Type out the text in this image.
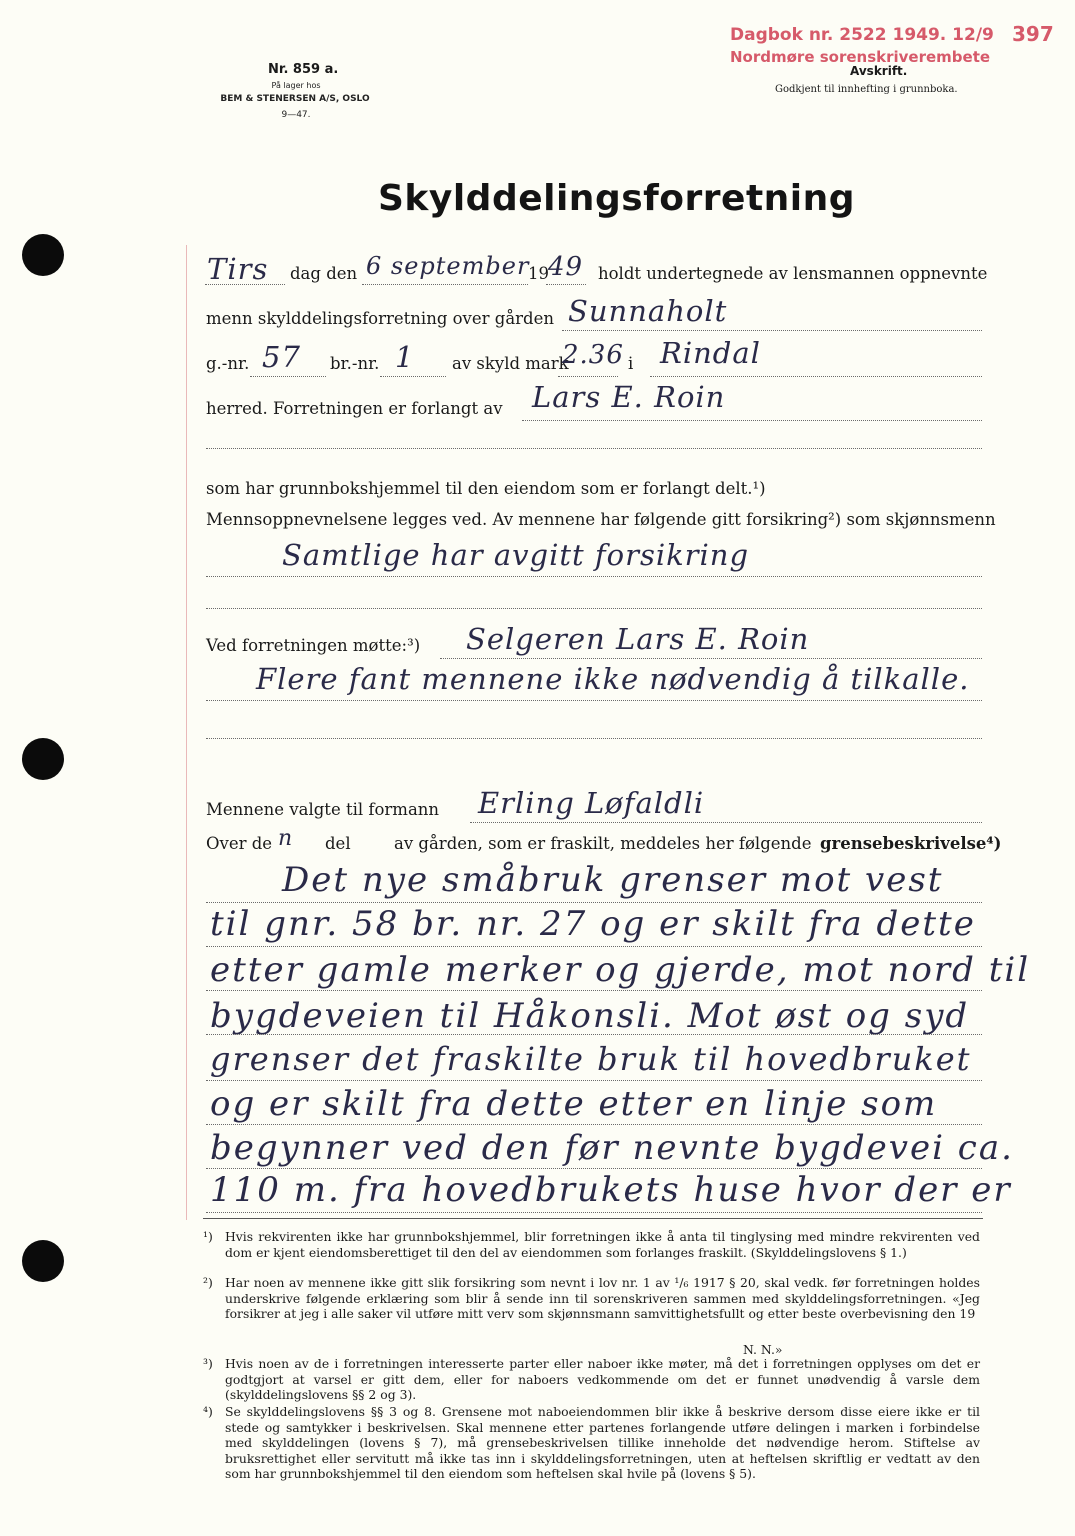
Nr. 859 a.
På lager hos
BEM & STENERSEN A/S, OSLO
9—47.
Dagbok nr. 2522 1949. 12/9
Nordmøre sorenskriverembete
397
Avskrift.
Godkjent til innhefting i grunnboka.
Skylddelingsforretning
Tirs dag den 6 september
19 49 holdt undertegnede av lensmannen oppnevnte
menn skylddelingsforretning over gården Sunnaholt
g.-nr. 57 br.-nr. 1 av skyld mark
2.36 i Rindal
herred. Forretningen er forlangt av Lars E. Roin
som har grunnbokshjemmel til den eiendom som er forlangt delt.¹)
Mennsoppnevnelsene legges ved. Av mennene har følgende gitt forsikring²) som skjønnsmenn
Samtlige har avgitt forsikring
Ved forretningen møtte:³) Selgeren Lars E. Roin
Flere fant mennene ikke nødvendig å tilkalle.
Mennene valgte til formann Erling Løfaldli
Over de n del	av gården, som er fraskilt, meddeles her følgende grensebeskrivelse⁴)
Det nye småbruk grenser mot vest
til gnr. 58 br. nr. 27 og er skilt fra dette
etter gamle merker og gjerde, mot nord til
bygdeveien til Håkonsli. Mot øst og syd
grenser det fraskilte bruk til hovedbruket
og er skilt fra dette etter en linje som
begynner ved den før nevnte bygdevei ca.
110 m. fra hovedbrukets huse hvor der er
¹) Hvis rekvirenten ikke har grunnbokshjemmel, blir forretningen ikke å anta til tinglysing med mindre rekvirenten ved dom er kjent eiendomsberettiget til den del av eiendommen som forlanges fraskilt. (Skylddelingslovens § 1.)
²) Har noen av mennene ikke gitt slik forsikring som nevnt i lov nr. 1 av ¹/₆ 1917 § 20, skal vedk. før forretningen holdes underskrive følgende erklæring som blir å sende inn til sorenskriveren sammen med skylddelingsforretningen. «Jeg forsikrer at jeg i alle saker vil utføre mitt verv som skjønnsmann samvittighetsfullt og etter beste overbevisning den 19
N. N.»
³) Hvis noen av de i forretningen interesserte parter eller naboer ikke møter, må det i forretningen opplyses om det er godtgjort at varsel er gitt dem, eller for naboers vedkommende om det er funnet unødvendig å varsle dem (skylddelingslovens §§ 2 og 3).
⁴) Se skylddelingslovens §§ 3 og 8. Grensene mot naboeiendommen blir ikke å beskrive dersom disse eiere ikke er til stede og samtykker i beskrivelsen. Skal mennene etter partenes forlangende utføre delingen i marken i forbindelse med skylddelingen (lovens § 7), må grensebeskrivelsen tillike inneholde det nødvendige herom. Stiftelse av bruksrettighet eller servitutt må ikke tas inn i skylddelingsforretningen, uten at heftelsen skriftlig er vedtatt av den som har grunnbokshjemmel til den eiendom som heftelsen skal hvile på (lovens § 5).
